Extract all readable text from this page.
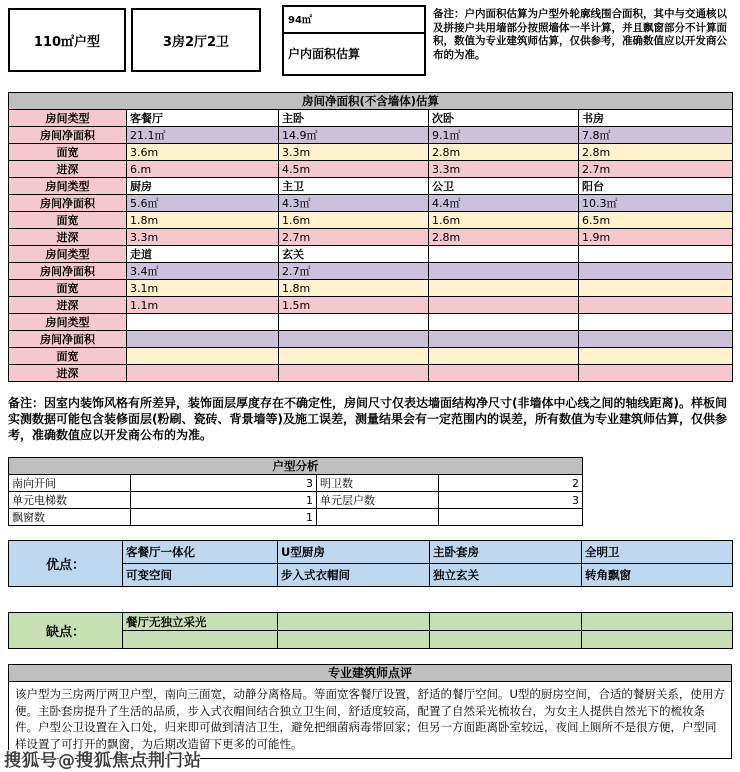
110㎡户型	3房2厅2卫
94㎡
户内面积估算
备注：户内面积估算为户型外轮廓线围合面积，其中与交通核以及拼接户共用墙部分按照墙体一半计算，并且飘窗部分不计算面积，数值为专业建筑师估算，仅供参考，准确数值应以开发商公布的为准。
房间净面积(不含墙体)估算				
房间类型	客餐厅	主卧	次卧	书房
房间净面积	21.1㎡	14.9㎡	9.1㎡	7.8㎡
面宽	3.6m	3.3m	2.8m	2.8m
进深	6.m	4.5m	3.3m	2.7m
房间类型	厨房	主卫	公卫	阳台
房间净面积	5.6㎡	4.3㎡	4.4㎡	10.3㎡
面宽	1.8m	1.6m	1.6m	6.5m
进深	3.3m	2.7m	2.8m	1.9m
房间类型	走道	玄关		
房间净面积	3.4㎡	2.7㎡		
面宽	3.1m	1.8m		
进深	1.1m	1.5m		
房间类型				
房间净面积				
面宽				
进深				
备注：因室内装饰风格有所差异，装饰面层厚度存在不确定性，房间尺寸仅表达墙面结构净尺寸(非墙体中心线之间的轴线距离)。样板间实测数据可能包含装修面层(粉刷、瓷砖、背景墙等)及施工误差，测量结果会有一定范围内的误差，所有数值为专业建筑师估算，仅供参考，准确数值应以开发商公布的为准。
户型分析			
南向开间	3	明卫数	2
单元电梯数	1	单元层户数	3
飘窗数	1		
优点：	客餐厅一体化	U型厨房	主卧套房	全明卫
	可变空间	步入式衣帽间	独立玄关	转角飘窗
缺点：	餐厅无独立采光			

专业建筑师点评
该户型为三房两厅两卫户型，南向三面宽，动静分离格局。等面宽客餐厅设置，舒适的餐厅空间。U型的厨房空间，合适的餐厨关系，使用方便。主卧套房提升了生活的品质，步入式衣帽间结合独立卫生间，舒适度较高，配置了自然采光梳妆台，为女主人提供自然光下的梳妆条件。户型公卫设置在入口处，归来即可做到清洁卫生，避免把细菌病毒带回家；但另一方面距离卧室较远，夜间上厕所不是很方便，户型同样设置了可打开的飘窗，为后期改造留下更多的可能性。
搜狐号@搜狐焦点荆门站
